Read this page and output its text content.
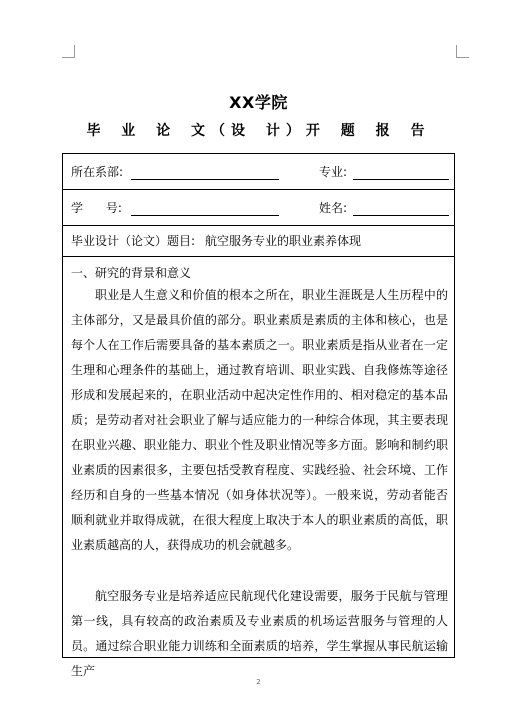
XX学院
毕 业 论 文（设 计）开 题 报 告
所在系部:	专业:
学      号:	姓名:
毕业设计（论文）题目: 航空服务专业的职业素养体现
一、研究的背景和意义
职业是人生意义和价值的根本之所在，职业生涯既是人生历程中的主体部分，又是最具价值的部分。职业素质是素质的主体和核心，也是每个人在工作后需要具备的基本素质之一。职业素质是指从业者在一定生理和心理条件的基础上，通过教育培训、职业实践、自我修炼等途径形成和发展起来的，在职业活动中起决定性作用的、相对稳定的基本品质；是劳动者对社会职业了解与适应能力的一种综合体现，其主要表现在职业兴趣、职业能力、职业个性及职业情况等多方面。影响和制约职业素质的因素很多，主要包括受教育程度、实践经验、社会环境、工作经历和自身的一些基本情况（如身体状况等）。一般来说，劳动者能否顺利就业并取得成就，在很大程度上取决于本人的职业素质的高低，职业素质越高的人，获得成功的机会就越多。
航空服务专业是培养适应民航现代化建设需要，服务于民航与管理第一线，具有较高的政治素质及专业素质的机场运营服务与管理的人员。通过综合职业能力训练和全面素质的培养，学生掌握从事民航运输生产
2
